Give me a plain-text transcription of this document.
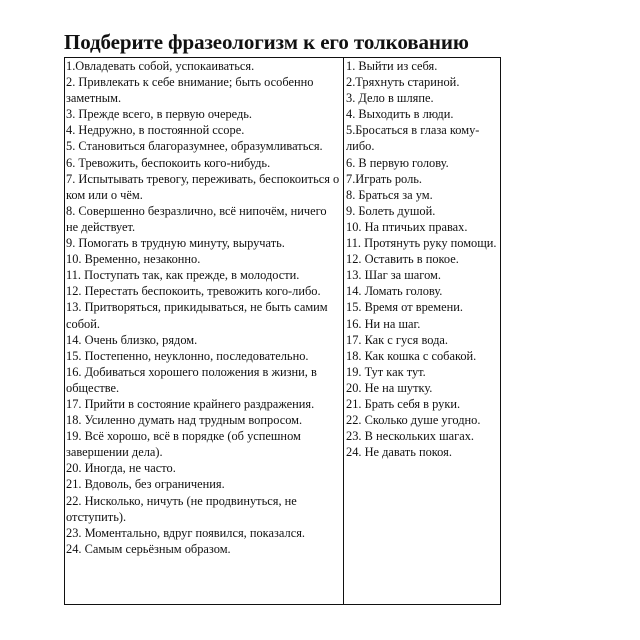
Подберите фразеологизм к его толкованию
1.Овладевать собой, успокаиваться.
2. Привлекать к себе внимание; быть особенно заметным.
3. Прежде всего, в первую очередь.
4. Недружно, в постоянной ссоре.
5. Становиться благоразумнее, образумливаться.
6. Тревожить, беспокоить кого-нибудь.
7. Испытывать тревогу, переживать, беспокоиться о ком или о чём.
8. Совершенно безразлично, всё нипочём, ничего не действует.
9. Помогать в трудную минуту, выручать.
10. Временно, незаконно.
11. Поступать так, как прежде, в молодости.
12. Перестать беспокоить, тревожить кого-либо.
13. Притворяться, прикидываться, не быть самим собой.
14. Очень близко, рядом.
15. Постепенно, неуклонно, последовательно.
16. Добиваться хорошего положения в жизни, в обществе.
17. Прийти в состояние крайнего раздражения.
18. Усиленно думать над трудным вопросом.
19. Всё хорошо, всё в порядке (об успешном завершении дела).
20. Иногда, не часто.
21. Вдоволь, без ограничения.
22. Нисколько, ничуть (не продвинуться, не отступить).
23. Моментально, вдруг появился, показался.
24. Самым серьёзным образом.
1. Выйти из себя.
2.Тряхнуть стариной.
3. Дело в шляпе.
4. Выходить в люди.
5.Бросаться в глаза кому-либо.
6. В первую голову.
7.Играть роль.
8. Браться за ум.
9. Болеть душой.
10. На птичьих правах.
11. Протянуть руку помощи.
12. Оставить в покое.
13. Шаг за шагом.
14. Ломать голову.
15. Время от времени.
16. Ни на шаг.
17. Как с гуся вода.
18. Как кошка с собакой.
19. Тут как тут.
20. Не на шутку.
21. Брать себя в руки.
22. Сколько душе угодно.
23. В нескольких шагах.
24. Не давать покоя.
